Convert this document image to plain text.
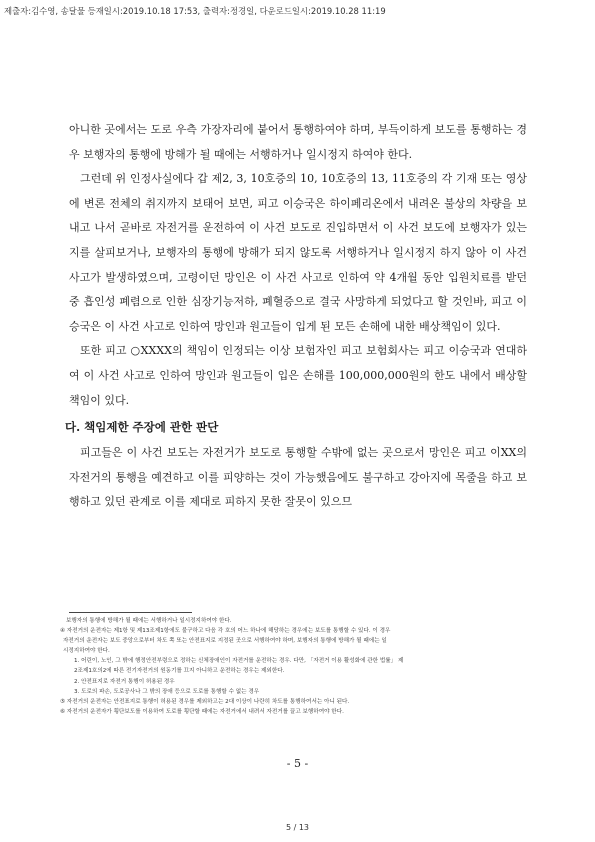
제출자:김수영, 송달물 등재일시:2019.10.18 17:53, 출력자:정경일, 다운로드일시:2019.10.28 11:19

아니한 곳에서는 도로 우측 가장자리에 붙어서 통행하여야 하며, 부득이하게 보도를 통행하는 경우 보행자의 통행에 방해가 될 때에는 서행하거나 일시정지 하여야 한다.

그런데 위 인정사실에다 갑 제2, 3, 10호증의 10, 10호증의 13, 11호증의 각 기재 또는 영상에 변론 전체의 취지까지 보태어 보면, 피고 이승국은 하이페리온에서 내려온 불상의 차량을 보내고 나서 곧바로 자전거를 운전하여 이 사건 보도로 진입하면서 이 사건 보도에 보행자가 있는지를 살피보거나, 보행자의 통행에 방해가 되지 않도록 서행하거나 일시정지 하지 않아 이 사건 사고가 발생하였으며, 고령이던 망인은 이 사건 사고로 인하여 약 4개월 동안 입원치료를 받던 중 흡인성 폐렴으로 인한 심장기능저하, 폐혈증으로 결국 사망하게 되었다고 할 것인바, 피고 이승국은 이 사건 사고로 인하여 망인과 원고들이 입게 된 모든 손해에 내한 배상책임이 있다.

또한 피고 ○XXXX의 책임이 인정되는 이상 보험자인 피고 보험회사는 피고 이승국과 연대하여 이 사건 사고로 인하여 망인과 원고들이 입은 손해를 100,000,000원의 한도 내에서 배상할 책임이 있다.

다. 책임제한 주장에 관한 판단

피고들은 이 사건 보도는 자전거가 보도로 통행할 수밖에 없는 곳으로서 망인은 피고 이XX의 자전거의 통행을 예견하고 이를 피양하는 것이 가능했음에도 불구하고 강아지에 목줄을 하고 보행하고 있던 관계로 이를 제대로 피하지 못한 잘못이 있으므

보행자의 통행에 방해가 될 때에는 서행하거나 일시정지하여야 한다.
④ 자전거의 운전자는 제1항 및 제13조제1항에도 불구하고 다음 각 호의 어느 하나에 해당하는 경우에는 보도를 통행할 수 있다. 이 경우
자전거의 운전자는 보도 중앙으로부터 차도 쪽 또는 안전표지로 지정된 곳으로 서행하여야 하며, 보행자의 통행에 방해가 될 때에는 일
시정지하여야 한다.
1. 어린이, 노인, 그 밖에 행정안전부령으로 정하는 신체장애인이 자전거를 운전하는 경우. 다만, 「자전거 이용 활성화에 관한 법률」 제
2조제1호의2에 따른 전기자전거의 원동기를 끄지 아니하고 운전하는 경우는 제외한다.
2. 안전표지로 자전거 통행이 허용된 경우
3. 도로의 파손, 도로공사나 그 밖의 장애 등으로 도로를 통행할 수 없는 경우
⑤ 자전거의 운전자는 안전표지로 통행이 허용된 경우를 제외하고는 2대 이상이 나란히 차도를 통행하여서는 아니 된다.
⑥ 자전거의 운전자가 횡단보도를 이용하여 도로를 횡단할 때에는 자전거에서 내려서 자전거를 끌고 보행하여야 한다.
- 5 -
5 / 13
